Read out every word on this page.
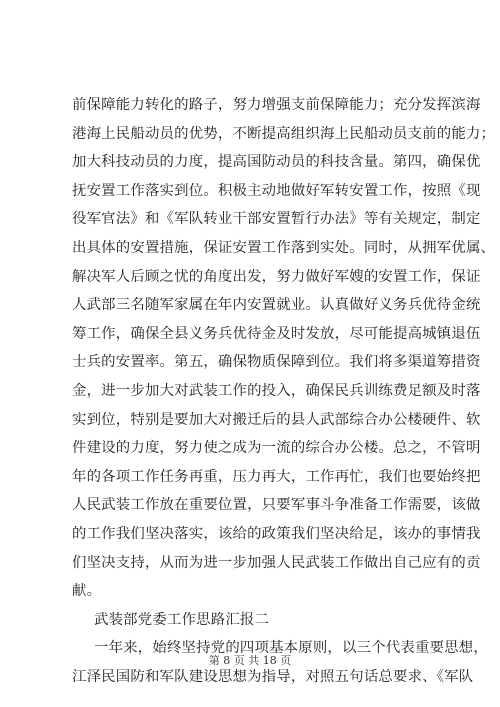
前保障能力转化的路子，努力增强支前保障能力；充分发挥滨海
港海上民船动员的优势，不断提高组织海上民船动员支前的能力；
加大科技动员的力度，提高国防动员的科技含量。第四，确保优
抚安置工作落实到位。积极主动地做好军转安置工作，按照《现
役军官法》和《军队转业干部安置暂行办法》等有关规定，制定
出具体的安置措施，保证安置工作落到实处。同时，从拥军优属、
解决军人后顾之忧的角度出发，努力做好军嫂的安置工作，保证
人武部三名随军家属在年内安置就业。认真做好义务兵优待金统
筹工作，确保全县义务兵优待金及时发放，尽可能提高城镇退伍
士兵的安置率。第五，确保物质保障到位。我们将多渠道筹措资
金，进一步加大对武装工作的投入，确保民兵训练费足额及时落
实到位，特别是要加大对搬迁后的县人武部综合办公楼硬件、软
件建设的力度，努力使之成为一流的综合办公楼。总之，不管明
年的各项工作任务再重，压力再大，工作再忙，我们也要始终把
人民武装工作放在重要位置，只要军事斗争准备工作需要，该做
的工作我们坚决落实，该给的政策我们坚决给足，该办的事情我
们坚决支持，从而为进一步加强人民武装工作做出自己应有的贡
献。
武装部党委工作思路汇报二
一年来，始终坚持党的四项基本原则，以三个代表重要思想，
江泽民国防和军队建设思想为指导，对照五句话总要求、《军队
第 8 页 共 18 页
